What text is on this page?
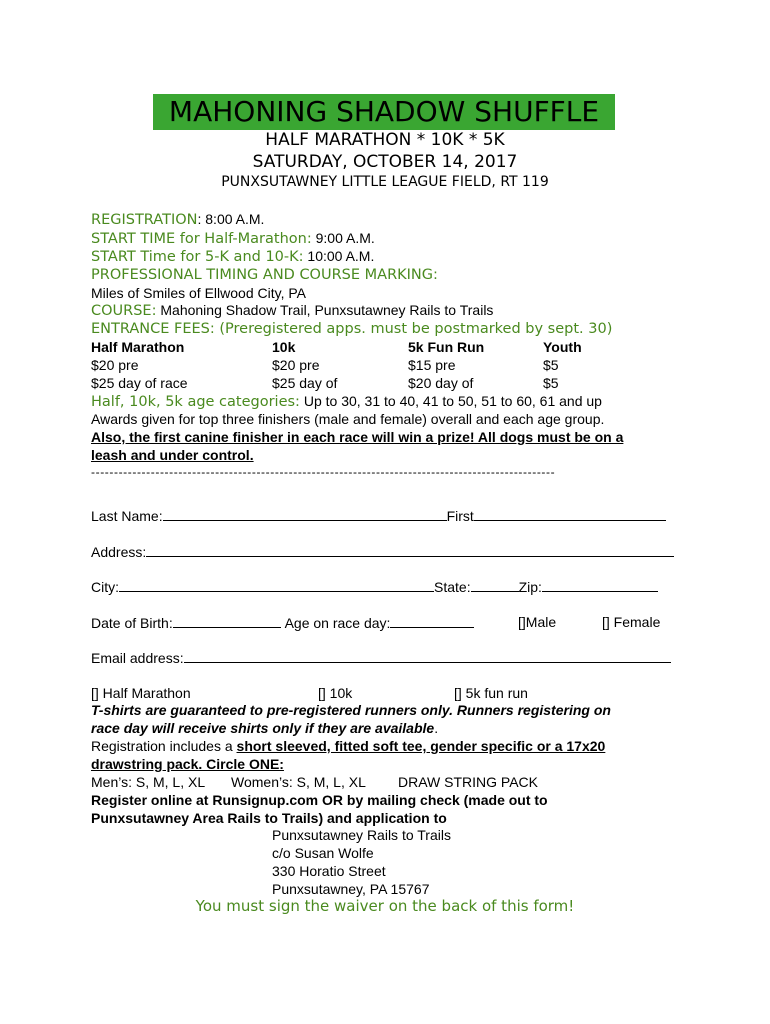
MAHONING SHADOW SHUFFLE
HALF MARATHON * 10K * 5K
SATURDAY, OCTOBER 14, 2017
PUNXSUTAWNEY LITTLE LEAGUE FIELD, RT 119
REGISTRATION: 8:00 A.M.
START TIME for Half-Marathon: 9:00 A.M.
START Time for 5-K and 10-K: 10:00 A.M.
PROFESSIONAL TIMING AND COURSE MARKING:
Miles of Smiles of Ellwood City, PA
COURSE: Mahoning Shadow Trail, Punxsutawney Rails to Trails
ENTRANCE FEES: (Preregistered apps. must be postmarked by sept. 30)
Half Marathon	10k	5k Fun Run	Youth
$20 pre	$20 pre	$15 pre	$5
$25 day of race	$25 day of	$20 day of	$5
Half, 10k, 5k age categories: Up to 30, 31 to 40, 41 to 50, 51 to 60, 61 and up
Awards given for top three finishers (male and female) overall and each age group.
Also, the first canine finisher in each race will win a prize! All dogs must be on a
leash and under control.
-----------------------------------------------------------------------------------------------------
Last Name:	First
Address:
City:	State:	Zip:
Date of Birth:	Age on race day:	[]Male	[] Female
Email address:
[] Half Marathon	[] 10k	[] 5k fun run
T-shirts are guaranteed to pre-registered runners only. Runners registering on
race day will receive shirts only if they are available.
Registration includes a short sleeved, fitted soft tee, gender specific or a 17x20
drawstring pack. Circle ONE:
Men’s: S, M, L, XL Women’s: S, M, L, XL DRAW STRING PACK
Register online at Runsignup.com OR by mailing check (made out to
Punxsutawney Area Rails to Trails) and application to
Punxsutawney Rails to Trails
c/o Susan Wolfe
330 Horatio Street
Punxsutawney, PA 15767
You must sign the waiver on the back of this form!
